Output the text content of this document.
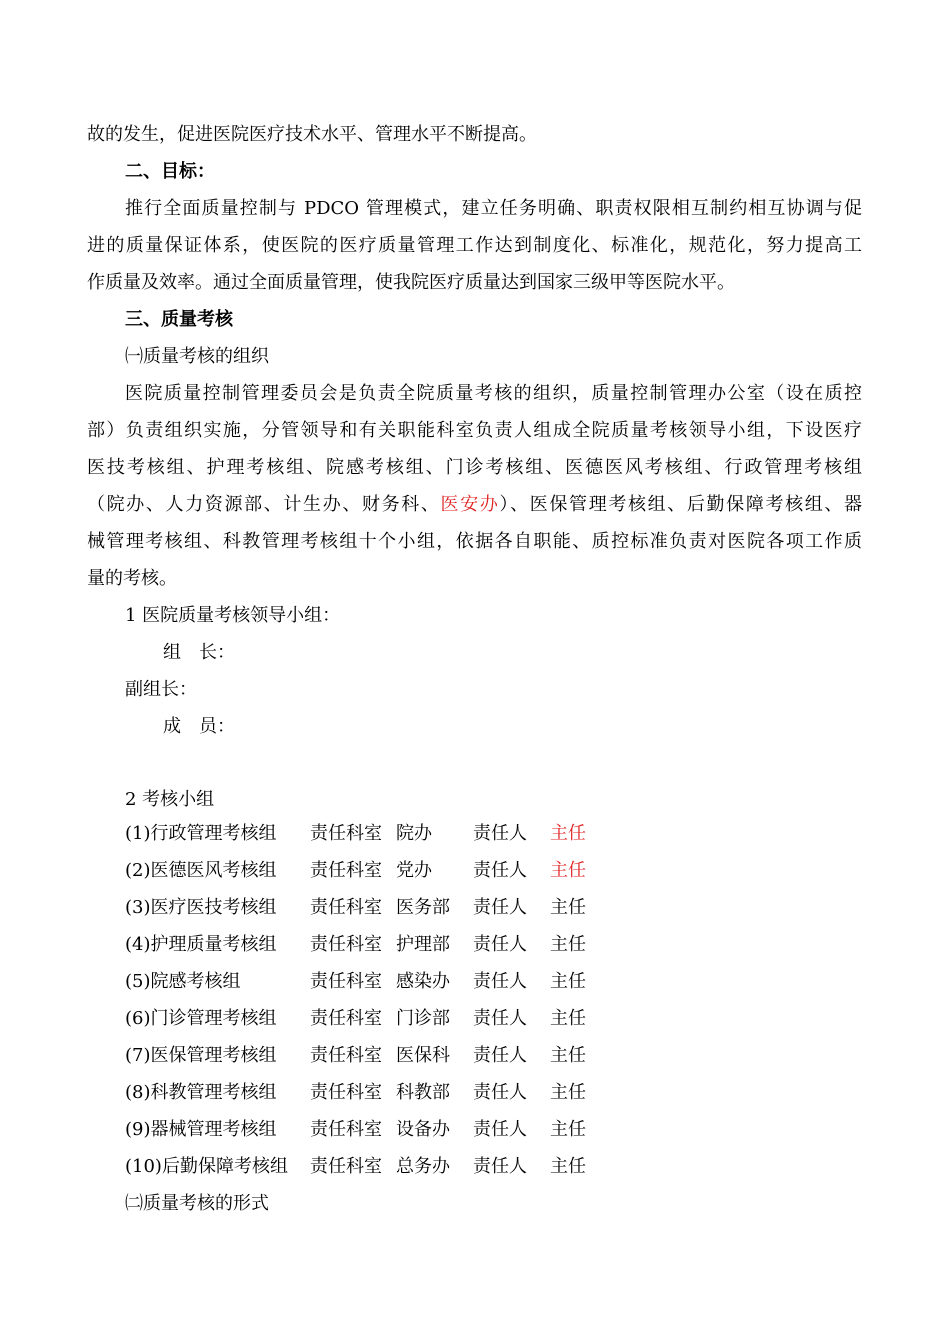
故的发生，促进医院医疗技术水平、管理水平不断提高。
二、目标：
推行全面质量控制与 PDCO 管理模式，建立任务明确、职责权限相互制约相互协调与促
进的质量保证体系，使医院的医疗质量管理工作达到制度化、标准化，规范化，努力提高工
作质量及效率。通过全面质量管理，使我院医疗质量达到国家三级甲等医院水平。
三、质量考核
㈠质量考核的组织
医院质量控制管理委员会是负责全院质量考核的组织，质量控制管理办公室（设在质控
部）负责组织实施，分管领导和有关职能科室负责人组成全院质量考核领导小组，下设医疗
医技考核组、护理考核组、院感考核组、门诊考核组、医德医风考核组、行政管理考核组
（院办、人力资源部、计生办、财务科、医安办）、医保管理考核组、后勤保障考核组、器
械管理考核组、科教管理考核组十个小组，依据各自职能、质控标准负责对医院各项工作质
量的考核。
1 医院质量考核领导小组：
组　长：
副组长：
成　员：
2 考核小组
(1)行政管理考核组 责任科室 院办 责任人 主任
(2)医德医风考核组 责任科室 党办 责任人 主任
(3)医疗医技考核组 责任科室 医务部 责任人 主任
(4)护理质量考核组 责任科室 护理部 责任人 主任
(5)院感考核组	责任科室 感染办 责任人 主任
(6)门诊管理考核组 责任科室 门诊部 责任人 主任
(7)医保管理考核组 责任科室 医保科 责任人 主任
(8)科教管理考核组 责任科室 科教部 责任人 主任
(9)器械管理考核组 责任科室 设备办 责任人 主任
(10)后勤保障考核组 责任科室 总务办 责任人 主任
㈡质量考核的形式
